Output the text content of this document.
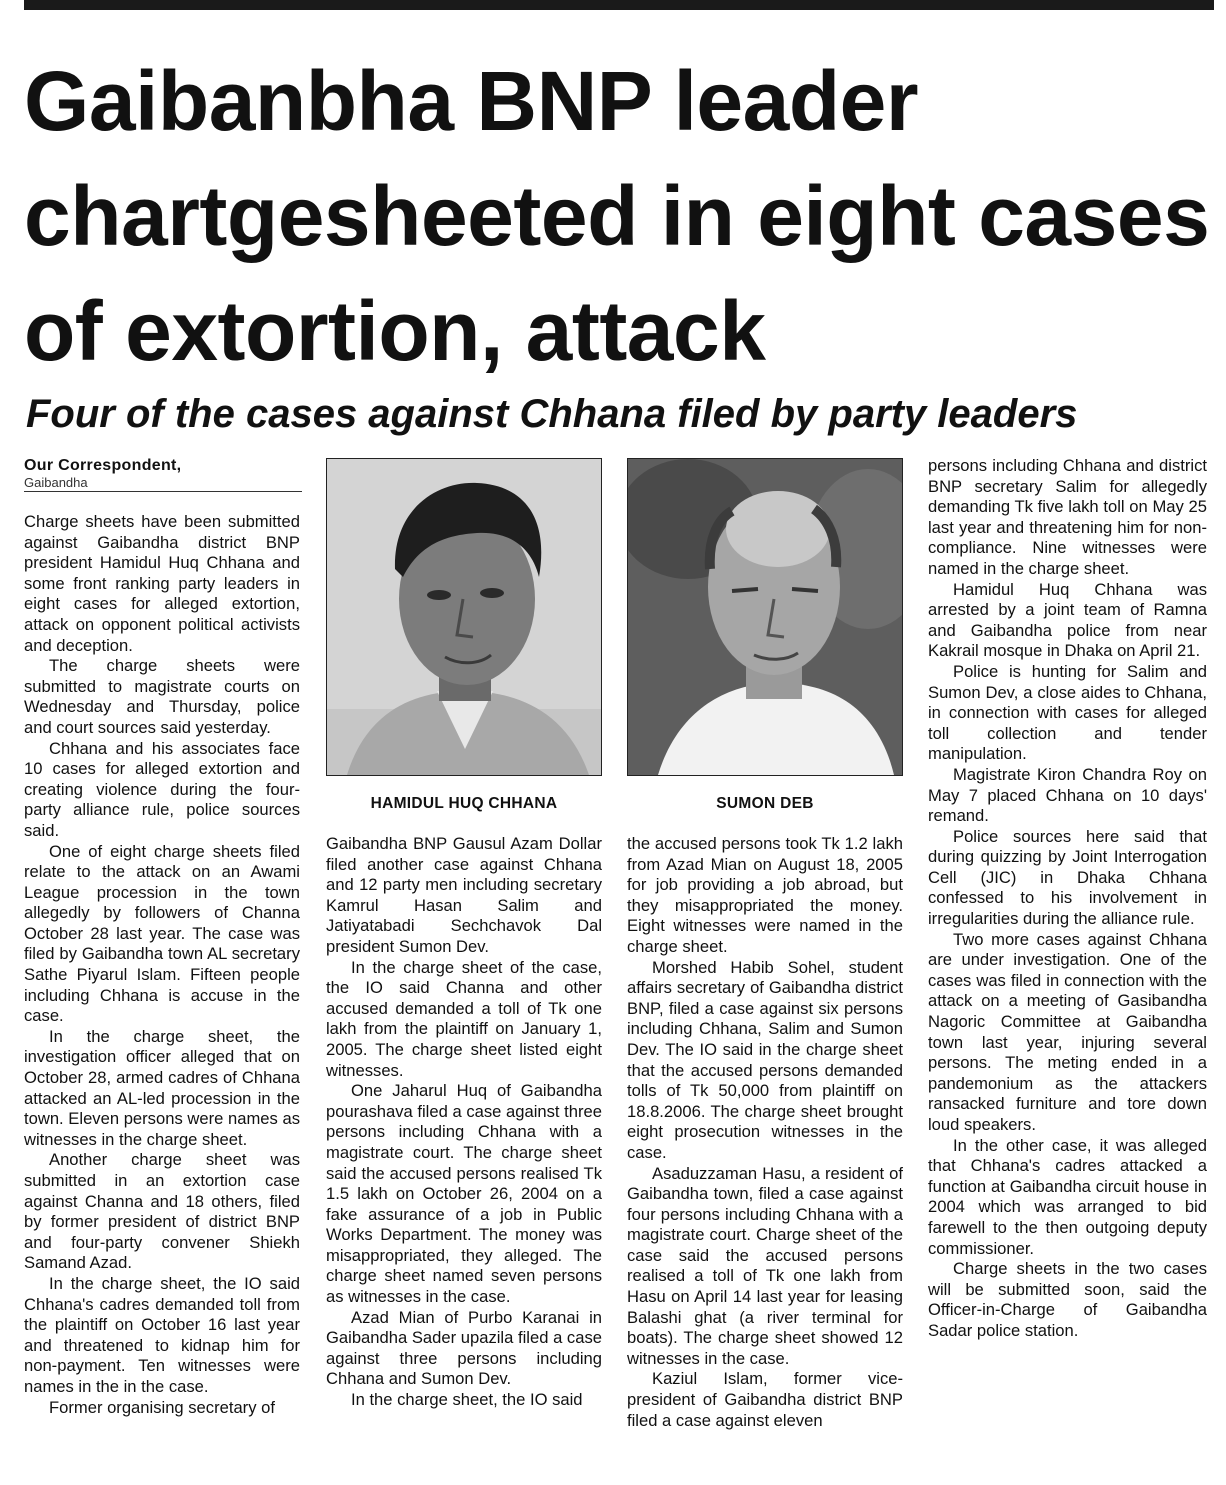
Gaibanbha BNP leader chartgesheeted in eight cases of extortion, attack
Four of the cases against Chhana filed by party leaders
Our Correspondent,
Gaibandha
HAMIDUL HUQ CHHANA	SUMON DEB

Charge sheets have been submitted against Gaibandha district BNP president Hamidul Huq Chhana and some front ranking party leaders in eight cases for alleged extortion, attack on opponent political activists and deception.

The charge sheets were submitted to magistrate courts on Wednesday and Thursday, police and court sources said yesterday.

Chhana and his associates face 10 cases for alleged extortion and creating violence during the four-party alliance rule, police sources said.

One of eight charge sheets filed relate to the attack on an Awami League procession in the town allegedly by followers of Channa October 28 last year. The case was filed by Gaibandha town AL secretary Sathe Piyarul Islam. Fifteen people including Chhana is accuse in the case.

In the charge sheet, the investigation officer alleged that on October 28, armed cadres of Chhana attacked an AL-led procession in the town. Eleven persons were names as witnesses in the charge sheet.

Another charge sheet was submitted in an extortion case against Channa and 18 others, filed by former president of district BNP and four-party convener Shiekh Samand Azad.

In the charge sheet, the IO said Chhana's cadres demanded toll from the plaintiff on October 16 last year and threatened to kidnap him for non-payment. Ten witnesses were names in the in the case.

Former organising secretary of

Gaibandha BNP Gausul Azam Dollar filed another case against Chhana and 12 party men including secretary Kamrul Hasan Salim and Jatiyatabadi Sechchavok Dal president Sumon Dev.

In the charge sheet of the case, the IO said Channa and other accused demanded a toll of Tk one lakh from the plaintiff on January 1, 2005. The charge sheet listed eight witnesses.

One Jaharul Huq of Gaibandha pourashava filed a case against three persons including Chhana with a magistrate court. The charge sheet said the accused persons realised Tk 1.5 lakh on October 26, 2004 on a fake assurance of a job in Public Works Department. The money was misappropriated, they alleged. The charge sheet named seven persons as witnesses in the case.

Azad Mian of Purbo Karanai in Gaibandha Sader upazila filed a case against three persons including Chhana and Sumon Dev.

In the charge sheet, the IO said

the accused persons took Tk 1.2 lakh from Azad Mian on August 18, 2005 for job providing a job abroad, but they misappropriated the money. Eight witnesses were named in the charge sheet.

Morshed Habib Sohel, student affairs secretary of Gaibandha district BNP, filed a case against six persons including Chhana, Salim and Sumon Dev. The IO said in the charge sheet that the accused persons demanded tolls of Tk 50,000 from plaintiff on 18.8.2006. The charge sheet brought eight prosecution witnesses in the case.

Asaduzzaman Hasu, a resident of Gaibandha town, filed a case against four persons including Chhana with a magistrate court. Charge sheet of the case said the accused persons realised a toll of Tk one lakh from Hasu on April 14 last year for leasing Balashi ghat (a river terminal for boats). The charge sheet showed 12 witnesses in the case.

Kaziul Islam, former vice-president of Gaibandha district BNP filed a case against eleven

persons including Chhana and district BNP secretary Salim for allegedly demanding Tk five lakh toll on May 25 last year and threatening him for non-compliance. Nine witnesses were named in the charge sheet.

Hamidul Huq Chhana was arrested by a joint team of Ramna and Gaibandha police from near Kakrail mosque in Dhaka on April 21.

Police is hunting for Salim and Sumon Dev, a close aides to Chhana, in connection with cases for alleged toll collection and tender manipulation.

Magistrate Kiron Chandra Roy on May 7 placed Chhana on 10 days' remand.

Police sources here said that during quizzing by Joint Interrogation Cell (JIC) in Dhaka Chhana confessed to his involvement in irregularities during the alliance rule.

Two more cases against Chhana are under investigation. One of the cases was filed in connection with the attack on a meeting of Gasibandha Nagoric Committee at Gaibandha town last year, injuring several persons. The meting ended in a pandemonium as the attackers ransacked furniture and tore down loud speakers.

In the other case, it was alleged that Chhana's cadres attacked a function at Gaibandha circuit house in 2004 which was arranged to bid farewell to the then outgoing deputy commissioner.

Charge sheets in the two cases will be submitted soon, said the Officer-in-Charge of Gaibandha Sadar police station.
